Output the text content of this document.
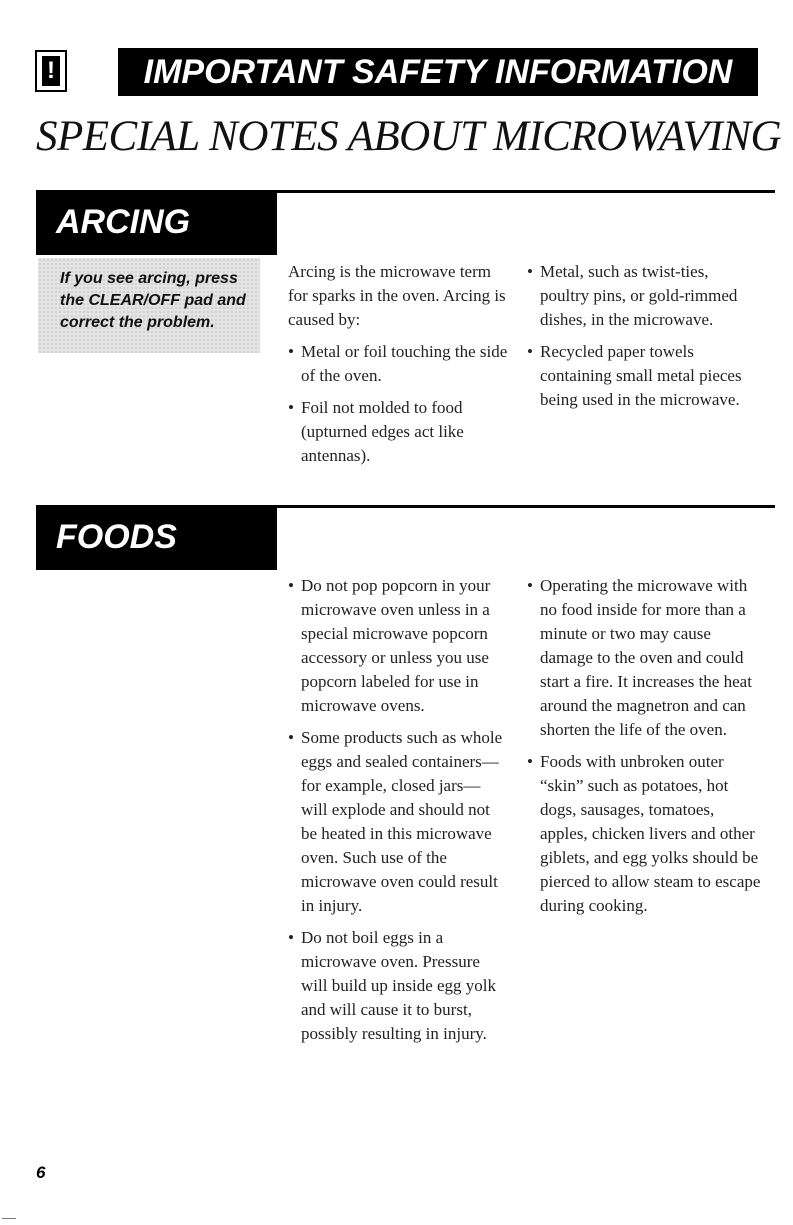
!	IMPORTANT SAFETY INFORMATION
SPECIAL NOTES ABOUT MICROWAVING
ARCING
If you see arcing, press the CLEAR/OFF pad and correct the problem.

Arcing is the microwave term for sparks in the oven. Arcing is caused by:

• Metal or foil touching the side of the oven.
• Foil not molded to food (upturned edges act like antennas).
• Metal, such as twist-ties, poultry pins, or gold-rimmed dishes, in the microwave.
• Recycled paper towels containing small metal pieces being used in the microwave.
FOODS
• Do not pop popcorn in your microwave oven unless in a special microwave popcorn accessory or unless you use popcorn labeled for use in microwave ovens.
• Some products such as whole eggs and sealed containers—for example, closed jars—will explode and should not be heated in this microwave oven. Such use of the microwave oven could result in injury.
• Do not boil eggs in a microwave oven. Pressure will build up inside egg yolk and will cause it to burst, possibly resulting in injury.
• Operating the microwave with no food inside for more than a minute or two may cause damage to the oven and could start a fire. It increases the heat around the magnetron and can shorten the life of the oven.
• Foods with unbroken outer “skin” such as potatoes, hot dogs, sausages, tomatoes, apples, chicken livers and other giblets, and egg yolks should be pierced to allow steam to escape during cooking.
6
